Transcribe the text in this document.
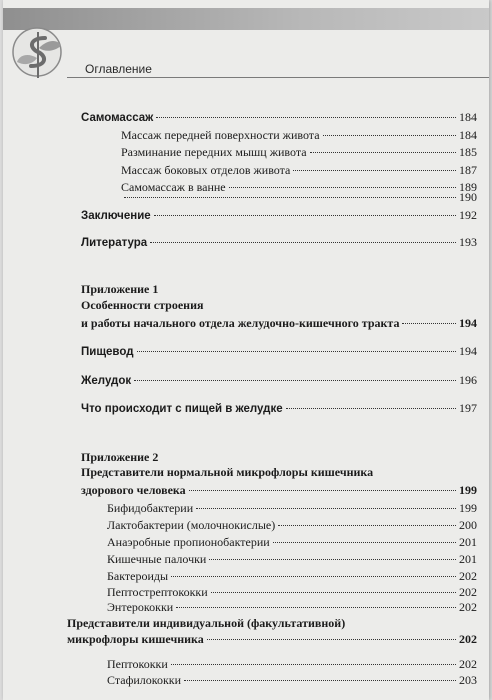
Оглавление
Самомассаж	184
Массаж передней поверхности живота	184
Разминание передних мышц живота	185
Массаж боковых отделов живота	187
Самомассаж в ванне	189
190
Заключение	192
Литература	193
Приложение 1
Особенности строения
и работы начального отдела желудочно-кишечного тракта	194
Пищевод	194
Желудок	196
Что происходит с пищей в желудке	197
Приложение 2
Представители нормальной микрофлоры кишечника
здорового человека	199
Бифидобактерии	199
Лактобактерии (молочнокислые)	200
Анаэробные пропионобактерии	201
Кишечные палочки	201
Бактероиды	202
Пептострептококки	202
Энтерококки	202
Представители индивидуальной (факультативной)
микрофлоры кишечника	202
Пептококки	202
Стафилококки	203
